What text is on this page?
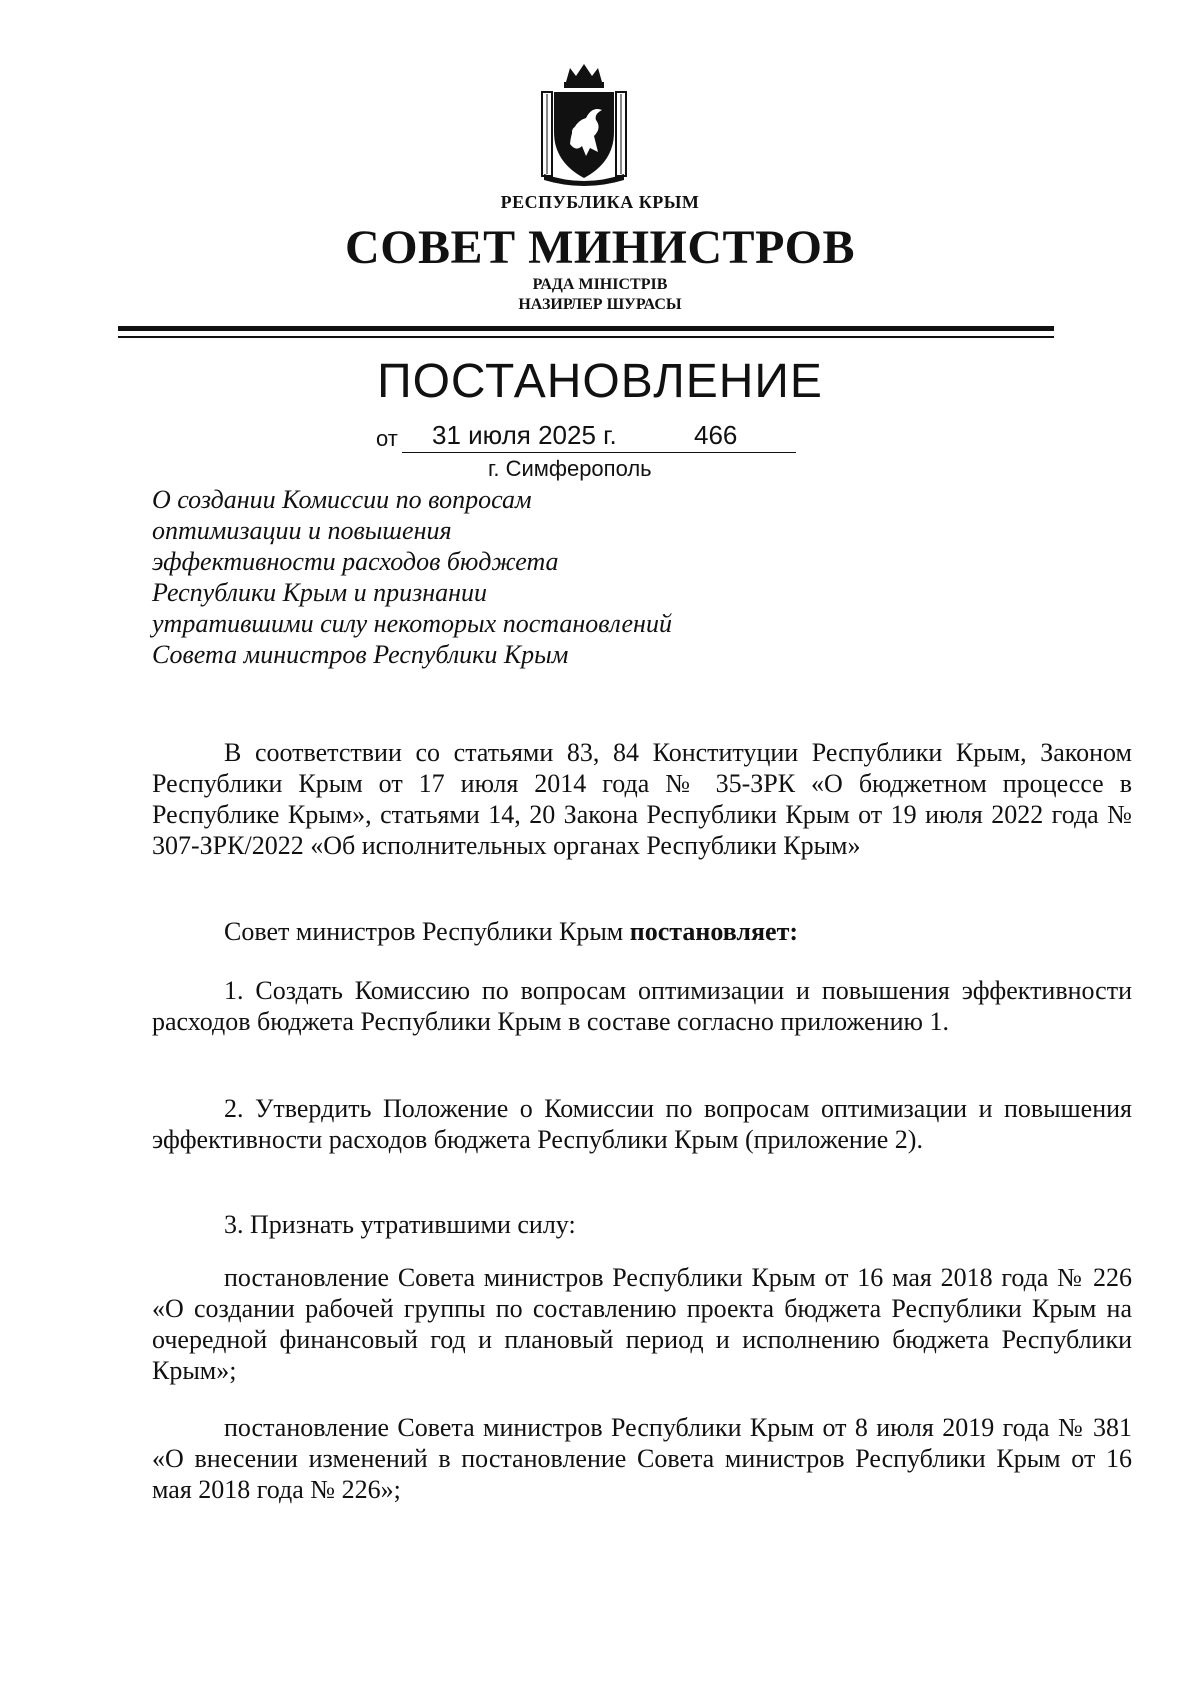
РЕСПУБЛИКА КРЫМ
СОВЕТ МИНИСТРОВ
РАДА МІНІСТРІВ
НАЗИРЛЕР ШУРАСЫ
ПОСТАНОВЛЕНИЕ
от 31 июля 2025 г.	466
г. Симферополь
О создании Комиссии по вопросам
оптимизации и повышения
эффективности расходов бюджета
Республики Крым и признании
утратившими силу некоторых постановлений
Совета министров Республики Крым
В соответствии со статьями 83, 84 Конституции Республики Крым, Законом Республики Крым от 17 июля 2014 года № 35-ЗРК «О бюджетном процессе в Республике Крым», статьями 14, 20 Закона Республики Крым от 19 июля 2022 года № 307-ЗРК/2022 «Об исполнительных органах Республики Крым»
Совет министров Республики Крым постановляет:
1. Создать Комиссию по вопросам оптимизации и повышения эффективности расходов бюджета Республики Крым в составе согласно приложению 1.
2. Утвердить Положение о Комиссии по вопросам оптимизации и повышения эффективности расходов бюджета Республики Крым (приложение 2).
3. Признать утратившими силу:
постановление Совета министров Республики Крым от 16 мая 2018 года № 226 «О создании рабочей группы по составлению проекта бюджета Республики Крым на очередной финансовый год и плановый период и исполнению бюджета Республики Крым»;
постановление Совета министров Республики Крым от 8 июля 2019 года № 381 «О внесении изменений в постановление Совета министров Республики Крым от 16 мая 2018 года № 226»;
